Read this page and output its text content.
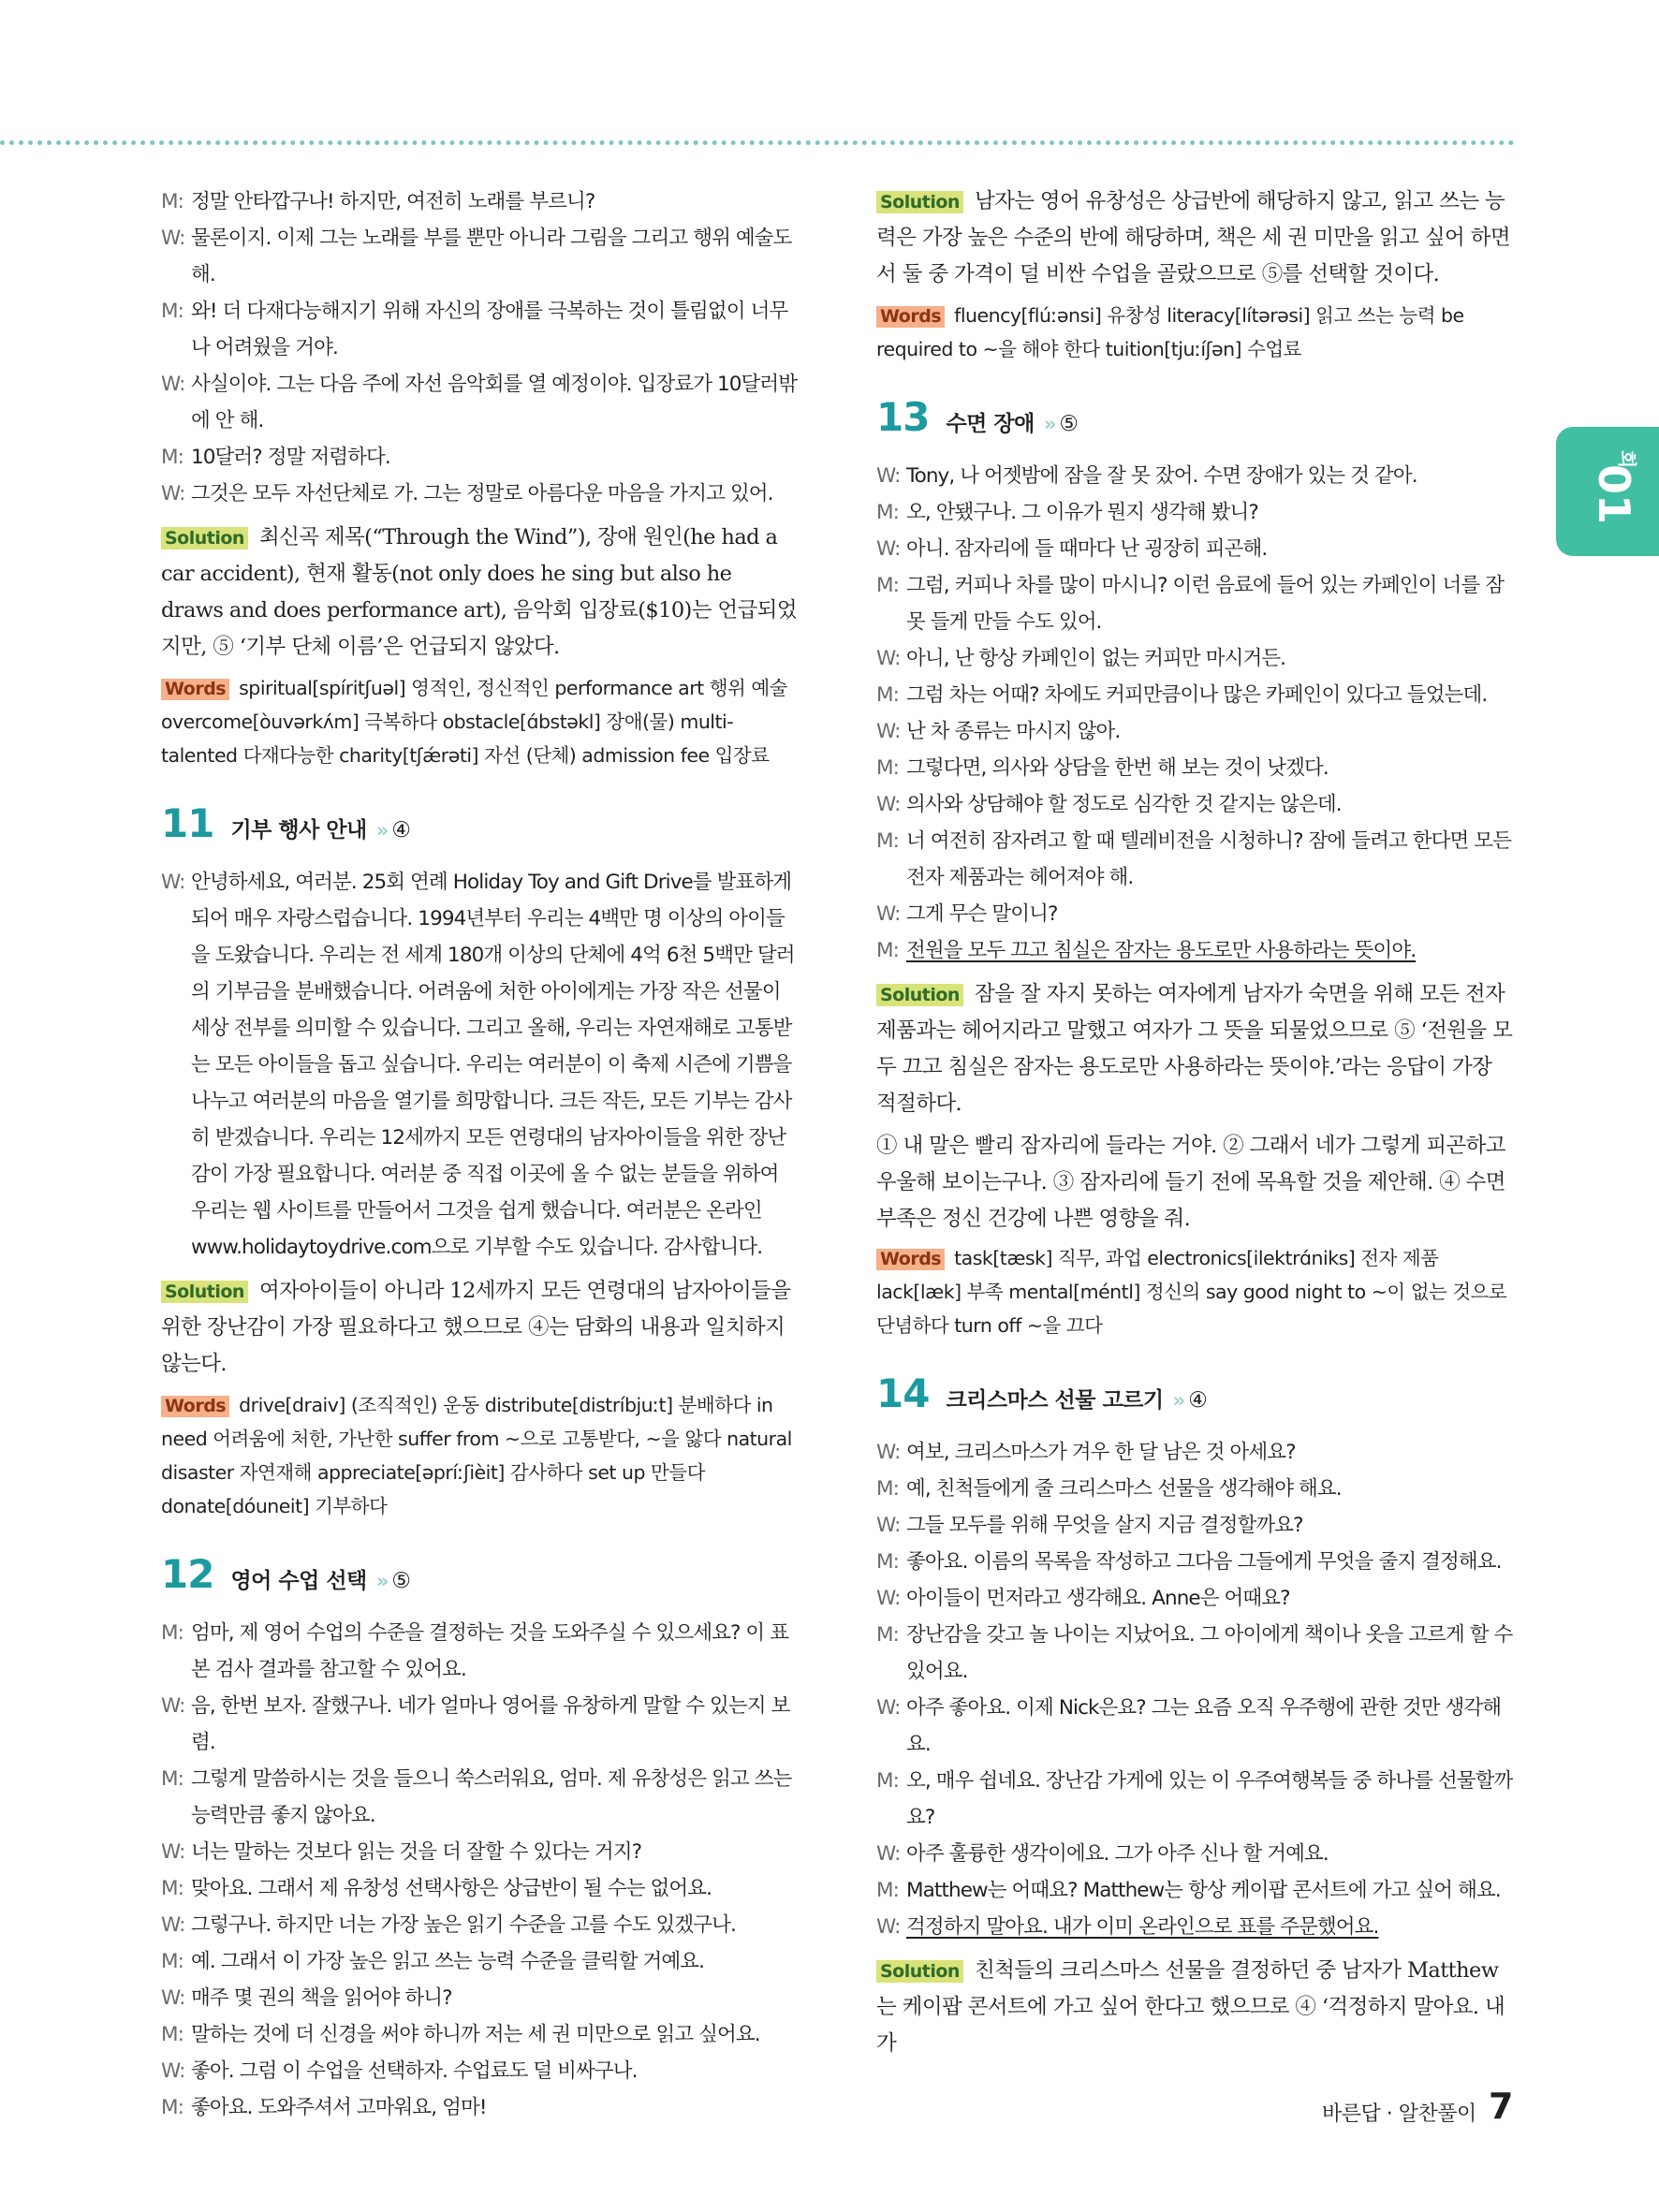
01
회
M: 정말 안타깝구나! 하지만, 여전히 노래를 부르니?
W: 물론이지. 이제 그는 노래를 부를 뿐만 아니라 그림을 그리고 행위 예술도 해.
M: 와! 더 다재다능해지기 위해 자신의 장애를 극복하는 것이 틀림없이 너무 나 어려웠을 거야.
W: 사실이야. 그는 다음 주에 자선 음악회를 열 예정이야. 입장료가 10달러밖 에 안 해.
M: 10달러? 정말 저렴하다.
W: 그것은 모두 자선단체로 가. 그는 정말로 아름다운 마음을 가지고 있어.
Solution 최신곡 제목(“Through the Wind”), 장애 원인(he had a car accident), 현재 활동(not only does he sing but also he draws and does performance art), 음악회 입장료($10)는 언급되었지만, ⑤ ‘기부 단체 이름’은 언급되지 않았다.
Words spiritual[spíritʃuəl] 영적인, 정신적인 performance art 행위 예술 overcome[òuvərkʌ́m] 극복하다 obstacle[ɑ́bstəkl] 장애(물) multi-talented 다재다능한 charity[tʃǽrəti] 자선 (단체) admission fee 입장료
11 기부 행사 안내 » ④
W: 안녕하세요, 여러분. 25회 연례 Holiday Toy and Gift Drive를 발표하게 되어 매우 자랑스럽습니다. 1994년부터 우리는 4백만 명 이상의 아이들을 도왔습니다. 우리는 전 세계 180개 이상의 단체에 4억 6천 5백만 달러의 기부금을 분배했습니다. 어려움에 처한 아이에게는 가장 작은 선물이 세상 전부를 의미할 수 있습니다. 그리고 올해, 우리는 자연재해로 고통받는 모든 아이들을 돕고 싶습니다. 우리는 여러분이 이 축제 시즌에 기쁨을 나누고 여러분의 마음을 열기를 희망합니다. 크든 작든, 모든 기부는 감사히 받겠습니다. 우리는 12세까지 모든 연령대의 남자아이들을 위한 장난감이 가장 필요합니다. 여러분 중 직접 이곳에 올 수 없는 분들을 위하여 우리는 웹 사이트를 만들어서 그것을 쉽게 했습니다. 여러분은 온라인 www.holidaytoydrive.com으로 기부할 수도 있습니다. 감사합니다.
Solution 여자아이들이 아니라 12세까지 모든 연령대의 남자아이들을 위한 장난감이 가장 필요하다고 했으므로 ④는 담화의 내용과 일치하지 않는다.
Words drive[draiv] (조직적인) 운동 distribute[distríbjuːt] 분배하다 in need 어려움에 처한, 가난한 suffer from ~으로 고통받다, ~을 앓다 natural disaster 자연재해 appreciate[əpríːʃièit] 감사하다 set up 만들다 donate[dóuneit] 기부하다
12 영어 수업 선택 » ⑤
M: 엄마, 제 영어 수업의 수준을 결정하는 것을 도와주실 수 있으세요? 이 표본 검사 결과를 참고할 수 있어요.
W: 음, 한번 보자. 잘했구나. 네가 얼마나 영어를 유창하게 말할 수 있는지 보렴.
M: 그렇게 말씀하시는 것을 들으니 쑥스러워요, 엄마. 제 유창성은 읽고 쓰는 능력만큼 좋지 않아요.
W: 너는 말하는 것보다 읽는 것을 더 잘할 수 있다는 거지?
M: 맞아요. 그래서 제 유창성 선택사항은 상급반이 될 수는 없어요.
W: 그렇구나. 하지만 너는 가장 높은 읽기 수준을 고를 수도 있겠구나.
M: 예. 그래서 이 가장 높은 읽고 쓰는 능력 수준을 클릭할 거예요.
W: 매주 몇 권의 책을 읽어야 하니?
M: 말하는 것에 더 신경을 써야 하니까 저는 세 권 미만으로 읽고 싶어요.
W: 좋아. 그럼 이 수업을 선택하자. 수업료도 덜 비싸구나.
M: 좋아요. 도와주셔서 고마워요, 엄마!
Solution 남자는 영어 유창성은 상급반에 해당하지 않고, 읽고 쓰는 능력은 가장 높은 수준의 반에 해당하며, 책은 세 권 미만을 읽고 싶어 하면서 둘 중 가격이 덜 비싼 수업을 골랐으므로 ⑤를 선택할 것이다.
Words fluency[flúːənsi] 유창성 literacy[lítərəsi] 읽고 쓰는 능력 be required to ~을 해야 한다 tuition[tjuːíʃən] 수업료
13 수면 장애 » ⑤
W: Tony, 나 어젯밤에 잠을 잘 못 잤어. 수면 장애가 있는 것 같아.
M: 오, 안됐구나. 그 이유가 뭔지 생각해 봤니?
W: 아니. 잠자리에 들 때마다 난 굉장히 피곤해.
M: 그럼, 커피나 차를 많이 마시니? 이런 음료에 들어 있는 카페인이 너를 잠 못 들게 만들 수도 있어.
W: 아니, 난 항상 카페인이 없는 커피만 마시거든.
M: 그럼 차는 어때? 차에도 커피만큼이나 많은 카페인이 있다고 들었는데.
W: 난 차 종류는 마시지 않아.
M: 그렇다면, 의사와 상담을 한번 해 보는 것이 낫겠다.
W: 의사와 상담해야 할 정도로 심각한 것 같지는 않은데.
M: 너 여전히 잠자려고 할 때 텔레비전을 시청하니? 잠에 들려고 한다면 모든 전자 제품과는 헤어져야 해.
W: 그게 무슨 말이니?
M: 전원을 모두 끄고 침실은 잠자는 용도로만 사용하라는 뜻이야.
Solution 잠을 잘 자지 못하는 여자에게 남자가 숙면을 위해 모든 전자 제품과는 헤어지라고 말했고 여자가 그 뜻을 되물었으므로 ⑤ ‘전원을 모두 끄고 침실은 잠자는 용도로만 사용하라는 뜻이야.’라는 응답이 가장 적절하다.
① 내 말은 빨리 잠자리에 들라는 거야. ② 그래서 네가 그렇게 피곤하고 우울해 보이는구나. ③ 잠자리에 들기 전에 목욕할 것을 제안해. ④ 수면 부족은 정신 건강에 나쁜 영향을 줘.
Words task[tæsk] 직무, 과업 electronics[ilektrɑ́niks] 전자 제품 lack[læk] 부족 mental[méntl] 정신의 say good night to ~이 없는 것으로 단념하다 turn off ~을 끄다
14 크리스마스 선물 고르기 » ④
W: 여보, 크리스마스가 겨우 한 달 남은 것 아세요?
M: 예, 친척들에게 줄 크리스마스 선물을 생각해야 해요.
W: 그들 모두를 위해 무엇을 살지 지금 결정할까요?
M: 좋아요. 이름의 목록을 작성하고 그다음 그들에게 무엇을 줄지 결정해요.
W: 아이들이 먼저라고 생각해요. Anne은 어때요?
M: 장난감을 갖고 놀 나이는 지났어요. 그 아이에게 책이나 옷을 고르게 할 수 있어요.
W: 아주 좋아요. 이제 Nick은요? 그는 요즘 오직 우주행에 관한 것만 생각해요.
M: 오, 매우 쉽네요. 장난감 가게에 있는 이 우주여행복들 중 하나를 선물할까요?
W: 아주 훌륭한 생각이에요. 그가 아주 신나 할 거예요.
M: Matthew는 어때요? Matthew는 항상 케이팝 콘서트에 가고 싶어 해요.
W: 걱정하지 말아요. 내가 이미 온라인으로 표를 주문했어요.
Solution 친척들의 크리스마스 선물을 결정하던 중 남자가 Matthew는 케이팝 콘서트에 가고 싶어 한다고 했으므로 ④ ‘걱정하지 말아요. 내가
바른답 · 알찬풀이 7
